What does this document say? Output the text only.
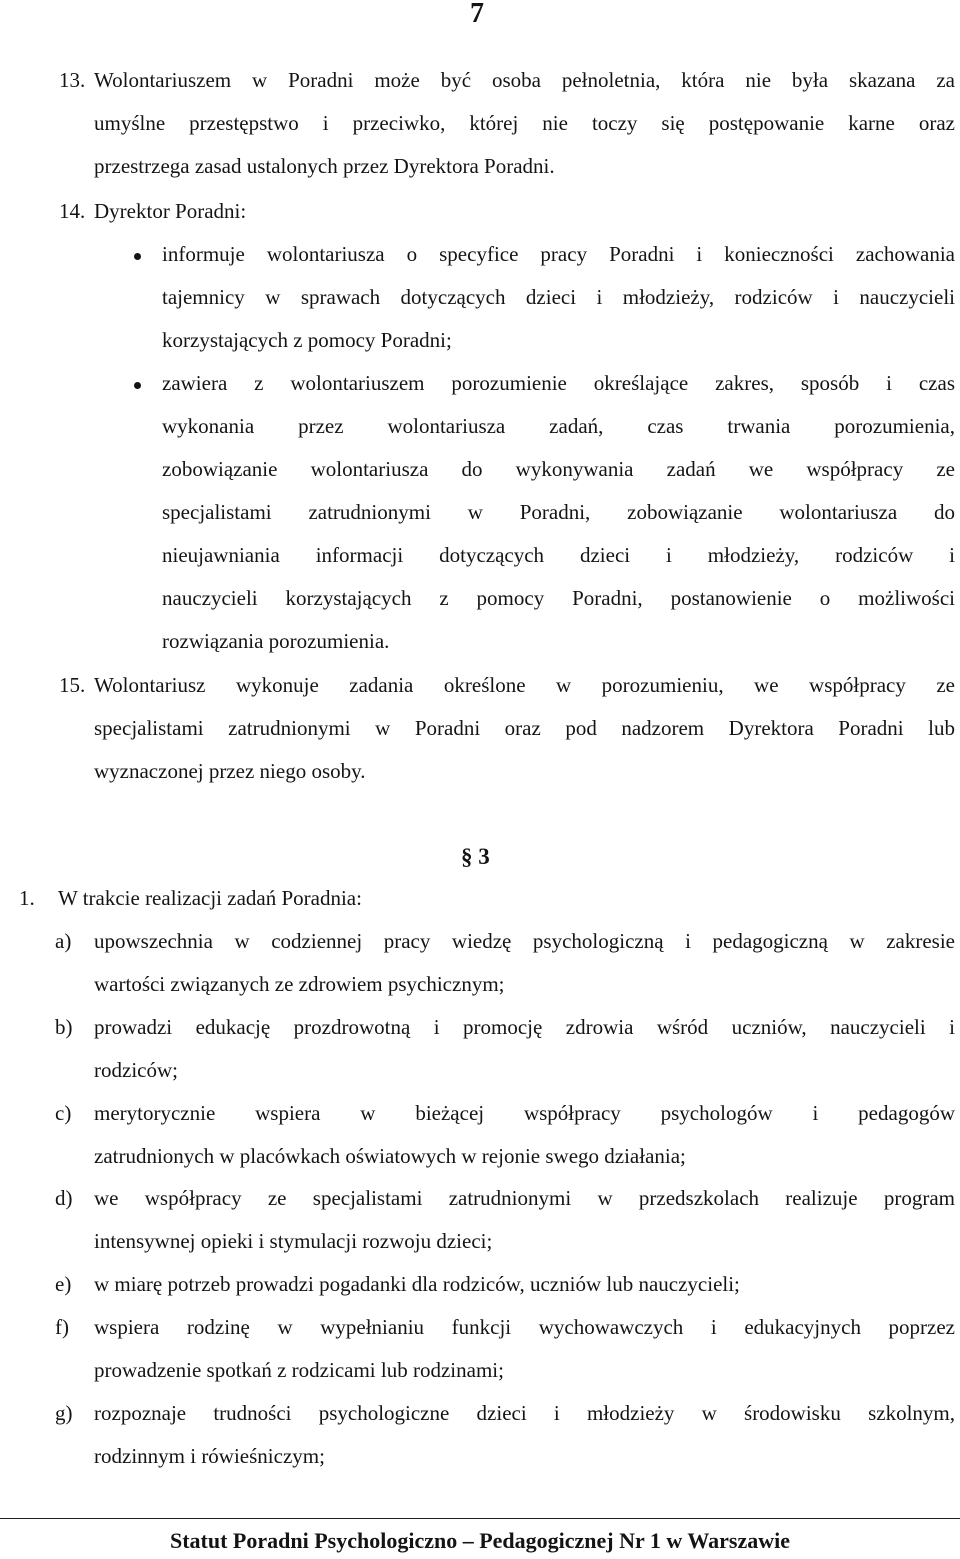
7
13. Wolontariuszem w Poradni może być osoba pełnoletnia, która nie była skazana za
umyślne przestępstwo i przeciwko, której nie toczy się postępowanie karne oraz
przestrzega zasad ustalonych przez Dyrektora Poradni.
14. Dyrektor Poradni:
informuje wolontariusza o specyfice pracy Poradni i konieczności zachowania
tajemnicy w sprawach dotyczących dzieci i młodzieży, rodziców i nauczycieli
korzystających z pomocy Poradni;
zawiera z wolontariuszem porozumienie określające zakres, sposób i czas
wykonania przez wolontariusza zadań, czas trwania porozumienia,
zobowiązanie wolontariusza do wykonywania zadań we współpracy ze
specjalistami zatrudnionymi w Poradni, zobowiązanie wolontariusza do
nieujawniania informacji dotyczących dzieci i młodzieży, rodziców i
nauczycieli korzystających z pomocy Poradni, postanowienie o możliwości
rozwiązania porozumienia.
15. Wolontariusz wykonuje zadania określone w porozumieniu, we współpracy ze
specjalistami zatrudnionymi w Poradni oraz pod nadzorem Dyrektora Poradni lub
wyznaczonej przez niego osoby.
§ 3
1. W trakcie realizacji zadań Poradnia:
a) upowszechnia w codziennej pracy wiedzę psychologiczną i pedagogiczną w zakresie
wartości związanych ze zdrowiem psychicznym;
b) prowadzi edukację prozdrowotną i promocję zdrowia wśród uczniów, nauczycieli i
rodziców;
c) merytorycznie wspiera w bieżącej współpracy psychologów i pedagogów
zatrudnionych w placówkach oświatowych w rejonie swego działania;
d) we współpracy ze specjalistami zatrudnionymi w przedszkolach realizuje program
intensywnej opieki i stymulacji rozwoju dzieci;
e) w miarę potrzeb prowadzi pogadanki dla rodziców, uczniów lub nauczycieli;
f) wspiera rodzinę w wypełnianiu funkcji wychowawczych i edukacyjnych poprzez
prowadzenie spotkań z rodzicami lub rodzinami;
g) rozpoznaje trudności psychologiczne dzieci i młodzieży w środowisku szkolnym,
rodzinnym i rówieśniczym;
Statut Poradni Psychologiczno – Pedagogicznej Nr 1 w Warszawie
